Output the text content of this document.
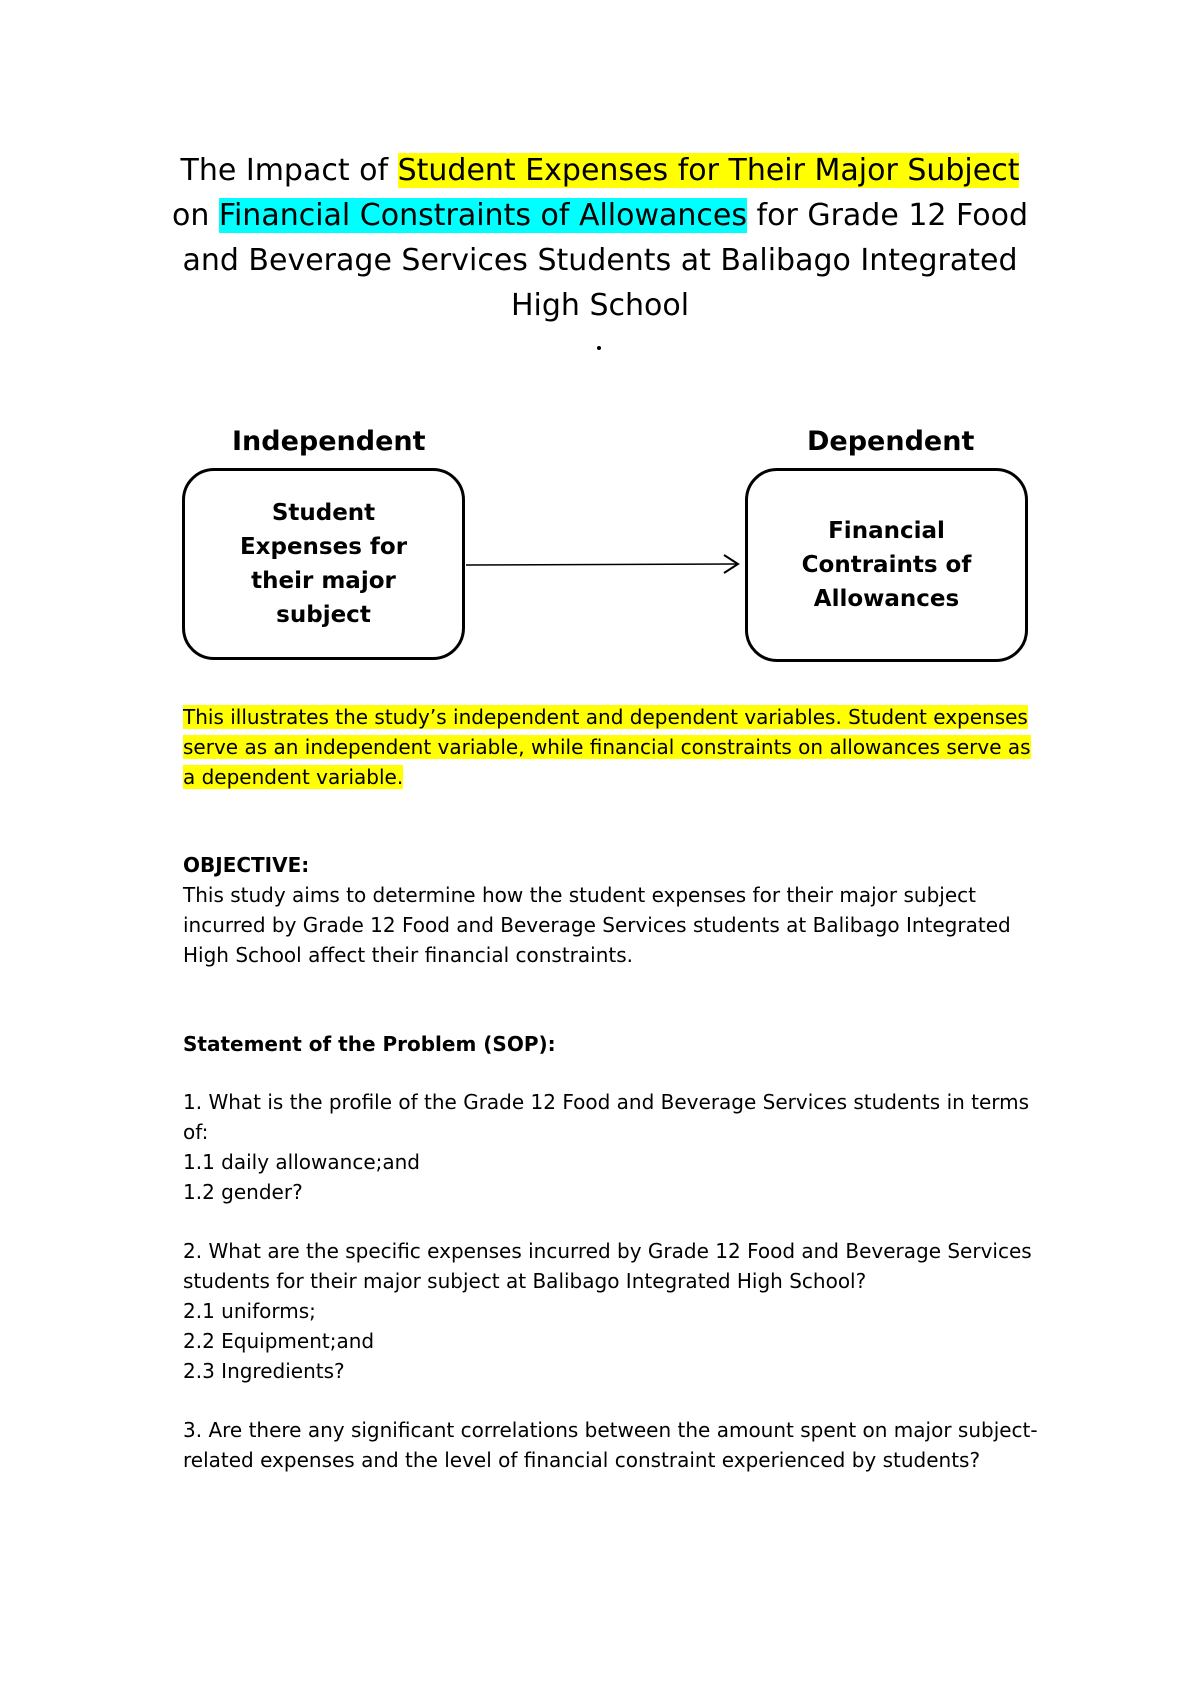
The Impact of Student Expenses for Their Major Subject
on Financial Constraints of Allowances for Grade 12 Food and Beverage Services Students at Balibago Integrated High School
Independent	Dependent
Student Expenses for their major subject
Financial Contraints of Allowances
This illustrates the study’s independent and dependent variables. Student expenses serve as an independent variable, while financial constraints on allowances serve as a dependent variable.

OBJECTIVE:

This study aims to determine how the student expenses for their major subject incurred by Grade 12 Food and Beverage Services students at Balibago Integrated High School affect their financial constraints.

Statement of the Problem (SOP):

1. What is the profile of the Grade 12 Food and Beverage Services students in terms of:

1.1 daily allowance;and

1.2 gender?

2. What are the specific expenses incurred by Grade 12 Food and Beverage Services students for their major subject at Balibago Integrated High School?

2.1 uniforms;

2.2 Equipment;and

2.3 Ingredients?

3. Are there any significant correlations between the amount spent on major subject-related expenses and the level of financial constraint experienced by students?
